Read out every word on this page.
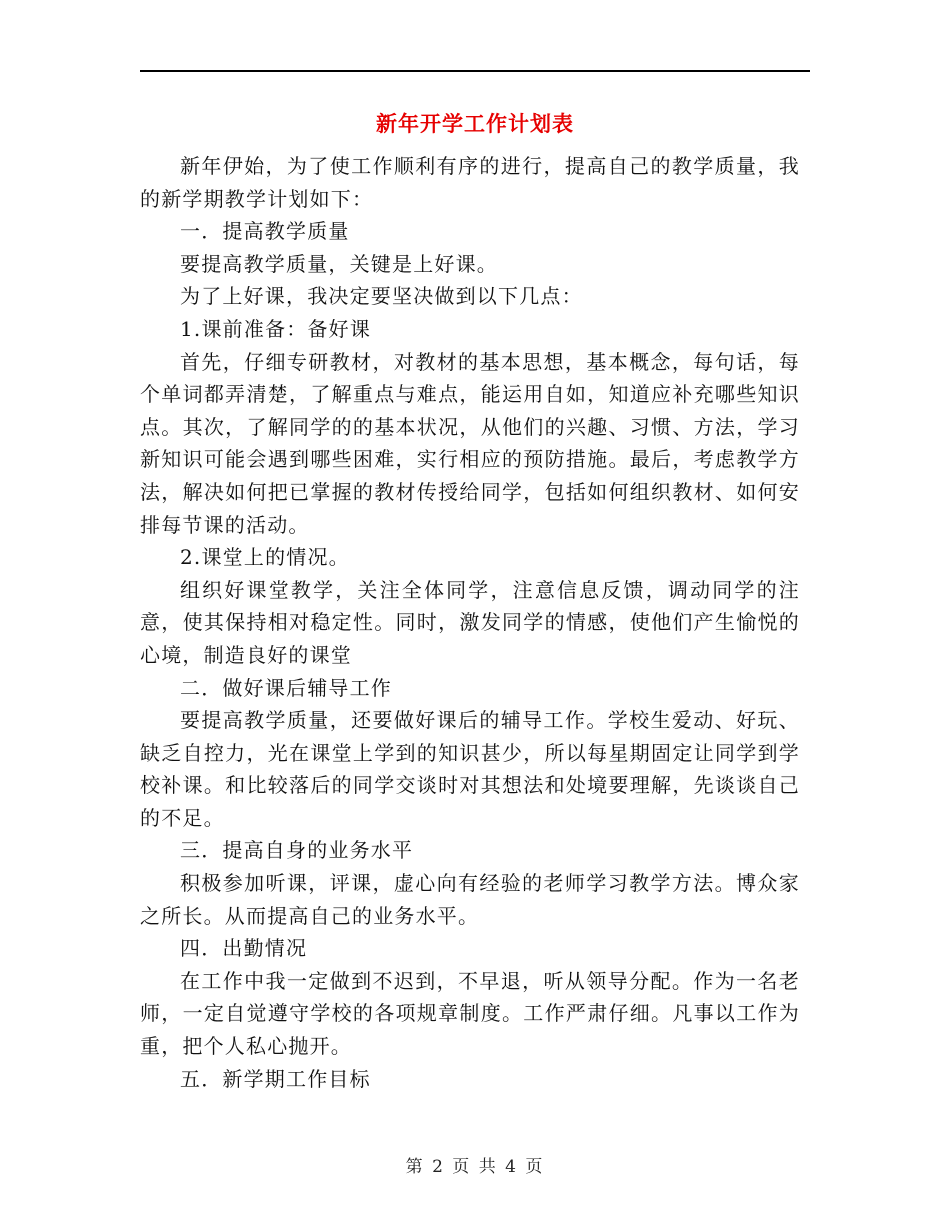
新年开学工作计划表

新年伊始，为了使工作顺利有序的进行，提高自己的教学质量，我的新学期教学计划如下：

一．提高教学质量

要提高教学质量，关键是上好课。

为了上好课，我决定要坚决做到以下几点：

1.课前准备：备好课

首先，仔细专研教材，对教材的基本思想，基本概念，每句话，每个单词都弄清楚，了解重点与难点，能运用自如，知道应补充哪些知识点。其次，了解同学的的基本状况，从他们的兴趣、习惯、方法，学习新知识可能会遇到哪些困难，实行相应的预防措施。最后，考虑教学方法，解决如何把已掌握的教材传授给同学，包括如何组织教材、如何安排每节课的活动。

2.课堂上的情况。

组织好课堂教学，关注全体同学，注意信息反馈，调动同学的注意，使其保持相对稳定性。同时，激发同学的情感，使他们产生愉悦的心境，制造良好的课堂

二．做好课后辅导工作

要提高教学质量，还要做好课后的辅导工作。学校生爱动、好玩、缺乏自控力，光在课堂上学到的知识甚少，所以每星期固定让同学到学校补课。和比较落后的同学交谈时对其想法和处境要理解，先谈谈自己的不足。

三．提高自身的业务水平

积极参加听课，评课，虚心向有经验的老师学习教学方法。博众家之所长。从而提高自己的业务水平。

四．出勤情况

在工作中我一定做到不迟到，不早退，听从领导分配。作为一名老师，一定自觉遵守学校的各项规章制度。工作严肃仔细。凡事以工作为重，把个人私心抛开。

五．新学期工作目标

第 2 页 共 4 页
